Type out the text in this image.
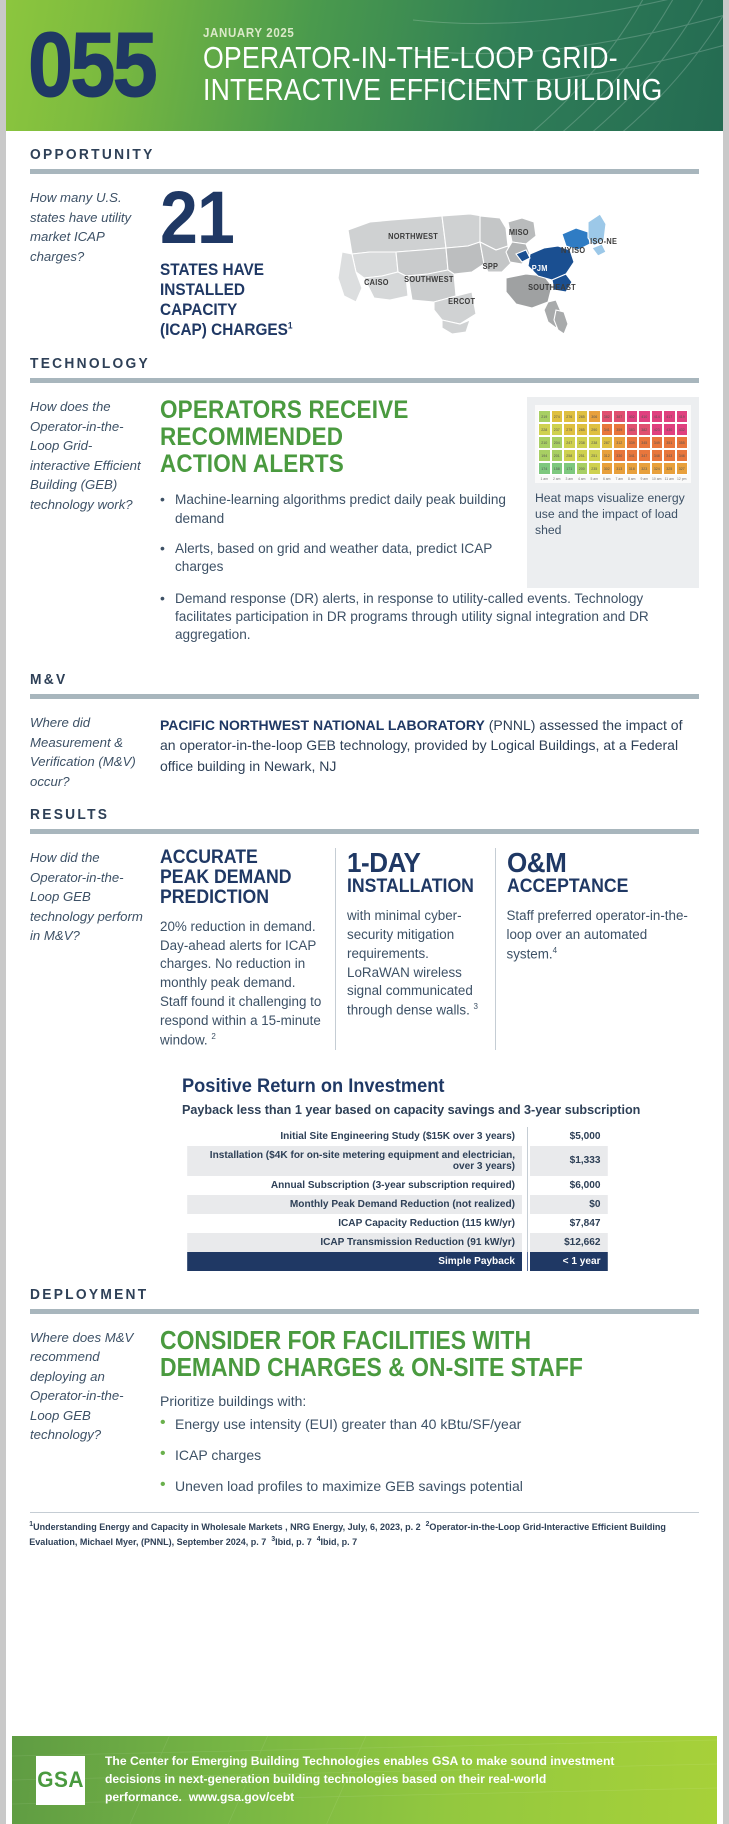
055	JANUARY 2025
OPERATOR-IN-THE-LOOP GRID-
INTERACTIVE EFFICIENT BUILDING
OPPORTUNITY
How many U.S. states have utility market ICAP charges?	21
STATES HAVE
INSTALLED CAPACITY
(ICAP) CHARGES$^1$
NORTHWEST	MISO
ISO-NE
NYISO
SPP	PJM
CAISO SOUTHWEST
SOUTHEAST
ERCOT
TECHNOLOGY
How does the Operator-in-the-Loop Grid-interactive Efficient Building (GEB) technology work?
OPERATORS RECEIVE
RECOMMENDED
ACTION ALERTS
• Machine-learning algorithms predict daily peak building demand
• Alerts, based on grid and weather data, predict ICAP charges
219	274	276	285	306	382	387	402	410	414	417	419
228	237	275	285	290	341	359	383	382	423	430	432
210	204	247	238	238	287	312	339	345	349	351	355
194	201	258	251	251	312	330	341	347	348	343	346
174	158	171	200	235	302	313	318	323	324	325	327
1 am	2 am	3 am	4 am	5 am	6 am	7 am	8 am	9 am	10 am 11 am 12 pm
Heat maps visualize energy use and the impact of load shed
• Demand response (DR) alerts, in response to utility-called events. Technology facilitates participation in DR programs through utility signal integration and DR aggregation.
M&V
Where did Measurement & Verification (M&V) occur?
PACIFIC NORTHWEST NATIONAL LABORATORY (PNNL) assessed the impact of an operator-in-the-loop GEB technology, provided by Logical Buildings, at a Federal office building in Newark, NJ
RESULTS
How did the Operator-in-the-Loop GEB technology perform in M&V?
ACCURATE
PEAK DEMAND
PREDICTION
20% reduction in demand. Day-ahead alerts for ICAP charges. No reduction in monthly peak demand. Staff found it challenging to respond within a 15-minute window. $^2$
1-DAY
INSTALLATION
with minimal cyber-security mitigation requirements. LoRaWAN wireless signal communicated through dense walls. $^3$
O&M
ACCEPTANCE
Staff preferred operator-in-the-loop over an automated system.$^4$
Positive Return on Investment
Payback less than 1 year based on capacity savings and 3-year subscription
Initial Site Engineering Study ($15K over 3 years)	$5,000
Installation ($4K for on-site metering equipment and electrician, over 3 years)	$1,333
Annual Subscription (3-year subscription required)	$6,000
Monthly Peak Demand Reduction (not realized)	$0
ICAP Capacity Reduction (115 kW/yr)	$7,847
ICAP Transmission Reduction (91 kW/yr)	$12,662
Simple Payback	< 1 year
DEPLOYMENT
Where does M&V recommend deploying an Operator-in-the-Loop GEB technology?
CONSIDER FOR FACILITIES WITH
DEMAND CHARGES & ON-SITE STAFF
Prioritize buildings with:
• Energy use intensity (EUI) greater than 40 kBtu/SF/year
• ICAP charges
• Uneven load profiles to maximize GEB savings potential
$^1$Understanding Energy and Capacity in Wholesale Markets , NRG Energy, July, 6, 2023, p. 2 $^2$Operator-in-the-Loop Grid-Interactive Efficient Building Evaluation, Michael Myer, (PNNL), September 2024, p. 7 $^3$Ibid, p. 7 $^4$Ibid, p. 7
GSA
The Center for Emerging Building Technologies enables GSA to make sound investment decisions in next-generation building technologies based on their real-world performance. www.gsa.gov/cebt
